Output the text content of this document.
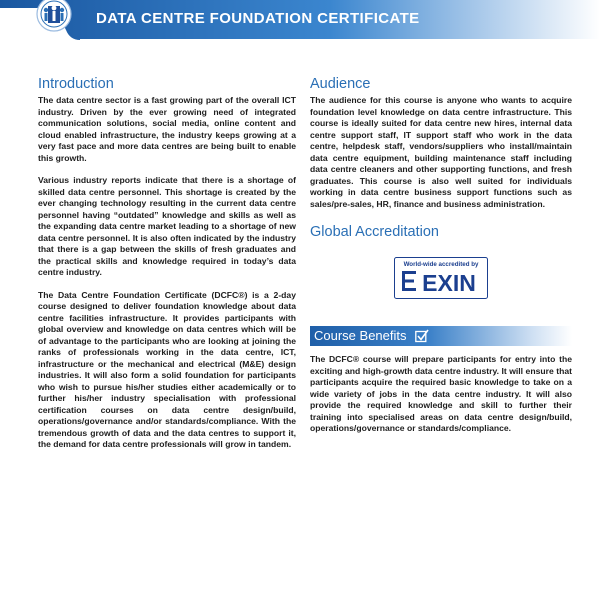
DATA CENTRE FOUNDATION CERTIFICATE
Introduction

The data centre sector is a fast growing part of the overall ICT industry. Driven by the ever growing need of integrated communication solutions, social media, online content and cloud enabled infrastructure, the industry keeps growing at a very fast pace and more data centres are being built to enable this growth.

Various industry reports indicate that there is a shortage of skilled data centre personnel. This shortage is created by the ever changing technology resulting in the current data centre personnel having “outdated” knowledge and skills as well as the expanding data centre market leading to a shortage of new data centre personnel. It is also often indicated by the industry that there is a gap between the skills of fresh graduates and the practical skills and knowledge required in today’s data centre industry.

The Data Centre Foundation Certificate (DCFC®) is a 2-day course designed to deliver foundation knowledge about data centre facilities infrastructure. It provides participants with global overview and knowledge on data centres which will be of advantage to the participants who are looking at joining the ranks of professionals working in the data centre, ICT, infrastructure or the mechanical and electrical (M&E) design industries. It will also form a solid foundation for participants who wish to pursue his/her studies either academically or to further his/her industry specialisation with professional certification courses on data centre design/build, operations/governance and/or standards/compliance. With the tremendous growth of data and the data centres to support it, the demand for data centre professionals will grow in tandem.

Audience

The audience for this course is anyone who wants to acquire foundation level knowledge on data centre infrastructure. This course is ideally suited for data centre new hires, internal data centre support staff, IT support staff who work in the data centre, helpdesk staff, vendors/suppliers who install/maintain data centre equipment, building maintenance staff including data centre cleaners and other supporting functions, and fresh graduates. This course is also well suited for individuals working in data centre business support functions such as sales/pre-sales, HR, finance and business administration.

Global Accreditation
World-wide accredited by
EXIN
Course Benefits

The DCFC® course will prepare participants for entry into the exciting and high-growth data centre industry. It will ensure that participants acquire the required basic knowledge to take on a wide variety of jobs in the data centre industry. It will also provide the required knowledge and skill to further their training into specialised areas on data centre design/build, operations/governance or standards/compliance.
